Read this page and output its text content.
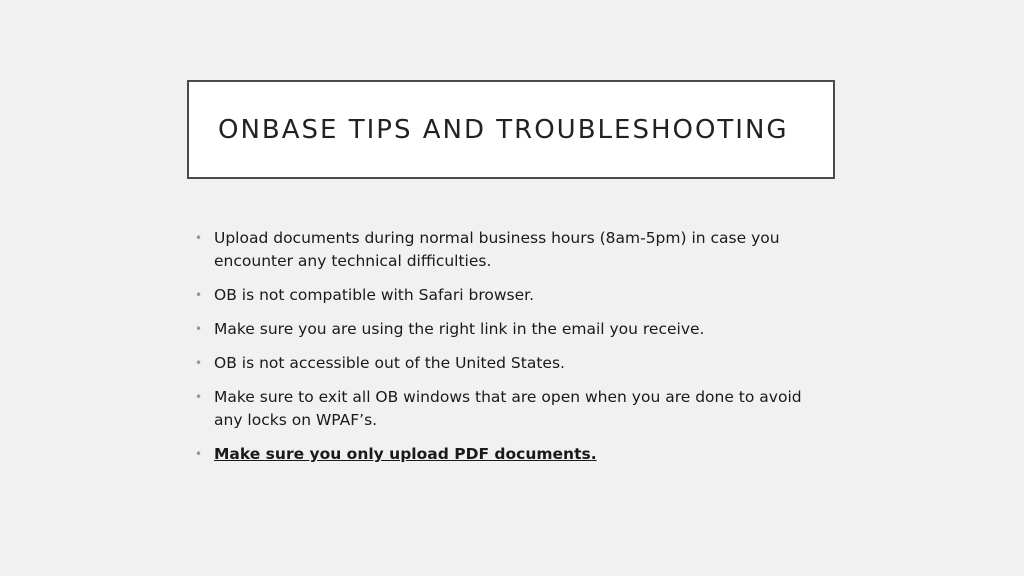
ONBASE TIPS AND TROUBLESHOOTING
• Upload documents during normal business hours (8am-5pm) in case you encounter any technical difficulties.
• OB is not compatible with Safari browser.
• Make sure you are using the right link in the email you receive.
• OB is not accessible out of the United States.
• Make sure to exit all OB windows that are open when you are done to avoid any locks on WPAF’s.
• Make sure you only upload PDF documents.
